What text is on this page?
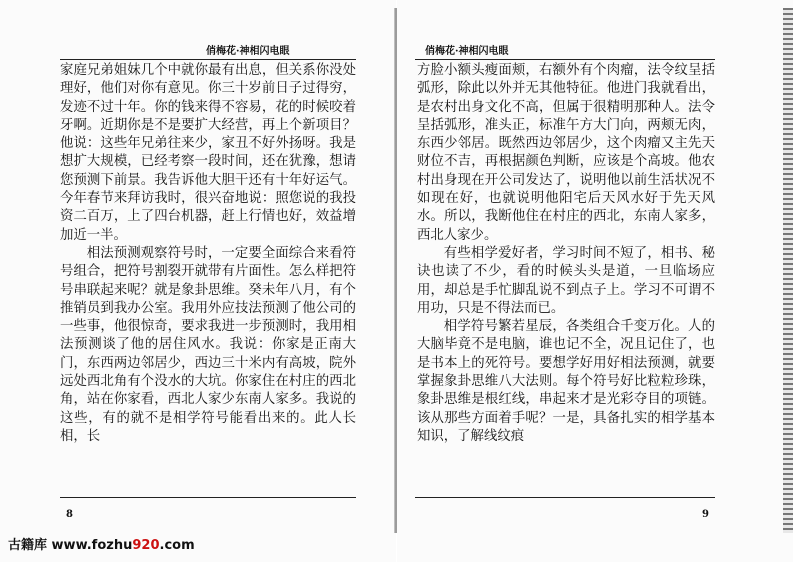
俏梅花·神相闪电眼

家庭兄弟姐妹几个中就你最有出息，但关系你没处理好，他们对你有意见。你三十岁前日子过得穷，发迹不过十年。你的钱来得不容易，花的时候咬着牙啊。近期你是不是要扩大经营，再上个新项目？他说：这些年兄弟往来少，家丑不好外扬呀。我是想扩大规模，已经考察一段时间，还在犹豫，想请您预测下前景。我告诉他大胆干还有十年好运气。今年春节来拜访我时，很兴奋地说：照您说的我投资二百万，上了四台机器，赶上行情也好，效益增加近一半。

相法预测观察符号时，一定要全面综合来看符号组合，把符号割裂开就带有片面性。怎么样把符号串联起来呢？就是象卦思维。癸未年八月，有个推销员到我办公室。我用外应技法预测了他公司的一些事，他很惊奇，要求我进一步预测时，我用相法预测谈了他的居住风水。我说：你家是正南大门，东西两边邻居少，西边三十米内有高坡，院外远处西北角有个没水的大坑。你家住在村庄的西北角，站在你家看，西北人家少东南人家多。我说的这些，有的就不是相学符号能看出来的。此人长相，长

8
俏梅花·神相闪电眼

方脸小额头瘦面颊，右额外有个肉瘤，法令纹呈括弧形，除此以外并无其他特征。他进门我就看出，是农村出身文化不高，但属于很精明那种人。法令呈括弧形，准头正，标准午方大门向，两颊无肉，东西少邻居。既然西边邻居少，这个肉瘤又主先天财位不吉，再根据颜色判断，应该是个高坡。他农村出身现在开公司发达了，说明他以前生活状况不如现在好，也就说明他阳宅后天风水好于先天风水。所以，我断他住在村庄的西北，东南人家多，西北人家少。

有些相学爱好者，学习时间不短了，相书、秘诀也读了不少，看的时候头头是道，一旦临场应用，却总是手忙脚乱说不到点子上。学习不可谓不用功，只是不得法而已。

相学符号繁若星辰，各类组合千变万化。人的大脑毕竟不是电脑，谁也记不全，况且记住了，也是书本上的死符号。要想学好用好相法预测，就要掌握象卦思维八大法则。每个符号好比粒粒珍珠，象卦思维是根红线，串起来才是光彩夺目的项链。该从那些方面着手呢？一是，具备扎实的相学基本知识，了解线纹痕

9
古籍库 www.fozhu920.com
